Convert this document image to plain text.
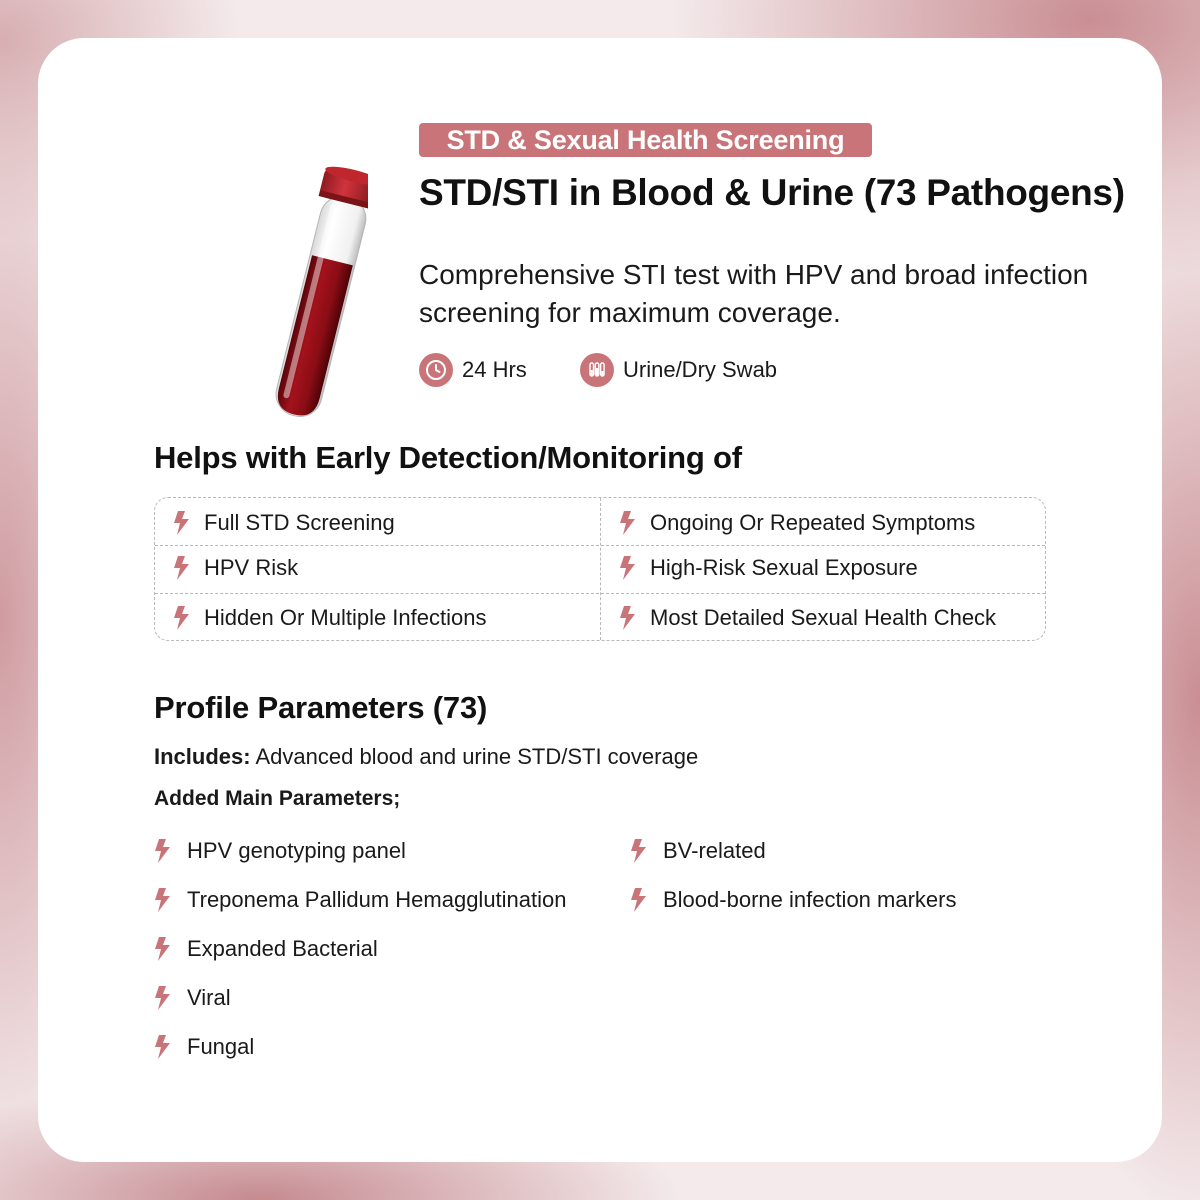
STD & Sexual Health Screening
STD/STI in Blood & Urine (73 Pathogens)

Comprehensive STI test with HPV and broad infection screening for maximum coverage.

24 Hrs	Urine/Dry Swab
Helps with Early Detection/Monitoring of
Full STD Screening	Ongoing Or Repeated Symptoms
HPV Risk	High-Risk Sexual Exposure
Hidden Or Multiple Infections	Most Detailed Sexual Health Check
Profile Parameters (73)
Includes: Advanced blood and urine STD/STI coverage
Added Main Parameters;
HPV genotyping panel
Treponema Pallidum Hemagglutination
Expanded Bacterial
Viral
Fungal
BV-related
Blood-borne infection markers
